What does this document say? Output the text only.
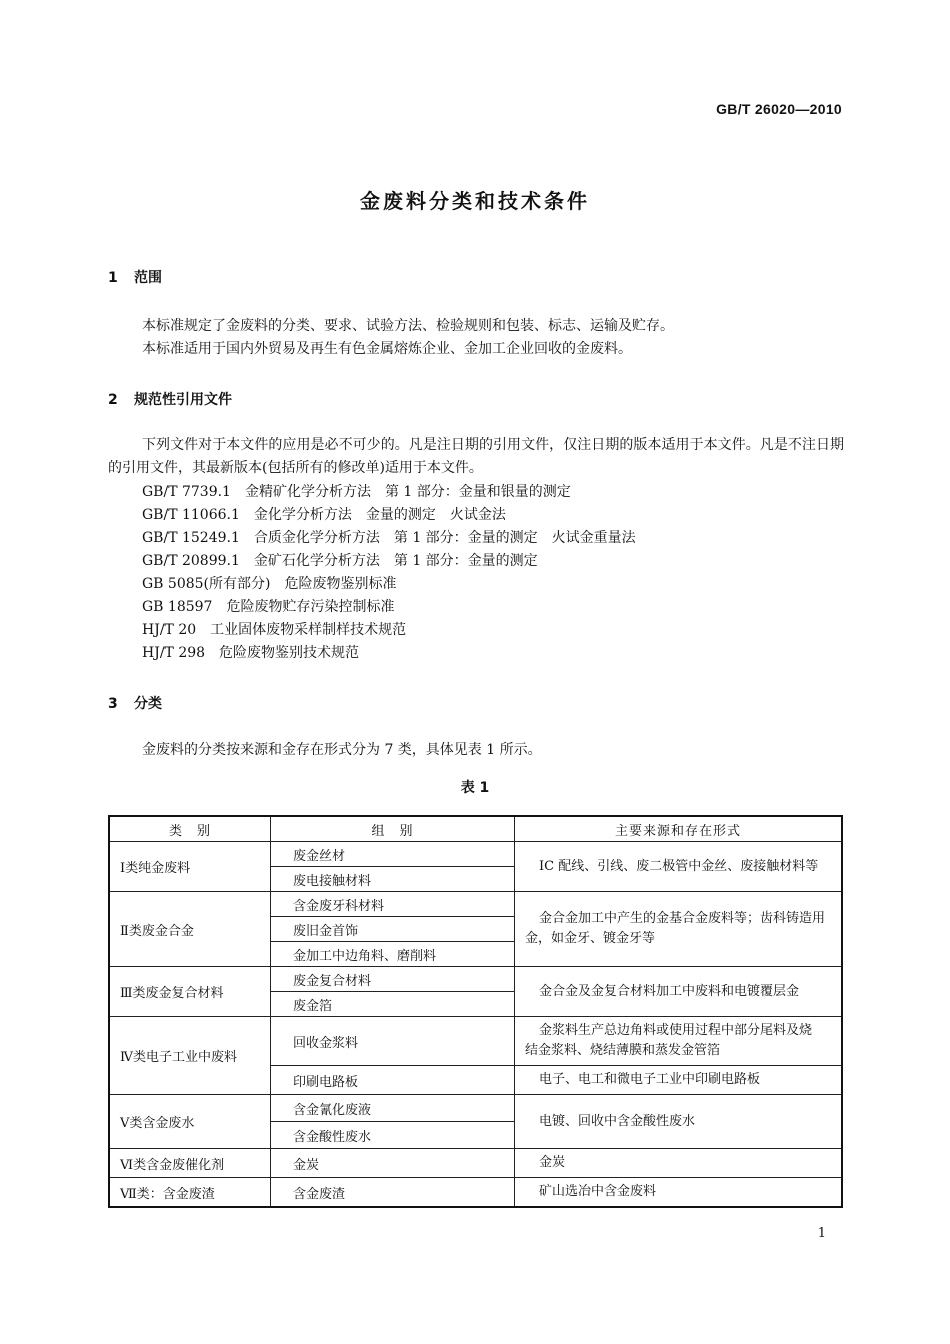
GB/T 26020—2010
金废料分类和技术条件
1 范围

本标准规定了金废料的分类、要求、试验方法、检验规则和包装、标志、运输及贮存。

本标准适用于国内外贸易及再生有色金属熔炼企业、金加工企业回收的金废料。

2 规范性引用文件

下列文件对于本文件的应用是必不可少的。凡是注日期的引用文件，仅注日期的版本适用于本文件。凡是不注日期的引用文件，其最新版本(包括所有的修改单)适用于本文件。

GB/T 7739.1　金精矿化学分析方法　第 1 部分：金量和银量的测定
GB/T 11066.1　金化学分析方法　金量的测定　火试金法
GB/T 15249.1　合质金化学分析方法　第 1 部分：金量的测定　火试金重量法
GB/T 20899.1　金矿石化学分析方法　第 1 部分：金量的测定
GB 5085(所有部分)　危险废物鉴别标准
GB 18597　危险废物贮存污染控制标准
HJ/T 20　工业固体废物采样制样技术规范
HJ/T 298　危险废物鉴别技术规范
3 分类

金废料的分类按来源和金存在形式分为 7 类，具体见表 1 所示。

表 1
类　别	组　别	主要来源和存在形式
Ⅰ类纯金废料	废金丝材	IC 配线、引线、废二极管中金丝、废接触材料等

	废电接触材料	
Ⅱ类废金合金	含金废牙科材料	金合金加工中产生的金基合金废料等；齿科铸造用
金，如金牙、镀金牙等

	废旧金首饰	
	金加工中边角料、磨削料	
Ⅲ类废金复合材料	废金复合材料	金合金及金复合材料加工中废料和电镀覆层金

	废金箔	
Ⅳ类电子工业中废料	回收金浆料	金浆料生产总边角料或使用过程中部分尾料及烧
结金浆料、烧结薄膜和蒸发金管箔

	印刷电路板	电子、电工和微电子工业中印刷电路板

Ⅴ类含金废水	含金氰化废液	电镀、回收中含金酸性废水

	含金酸性废水	
Ⅵ类含金废催化剂	金炭	金炭

Ⅶ类：含金废渣	含金废渣	矿山选冶中含金废料
1
